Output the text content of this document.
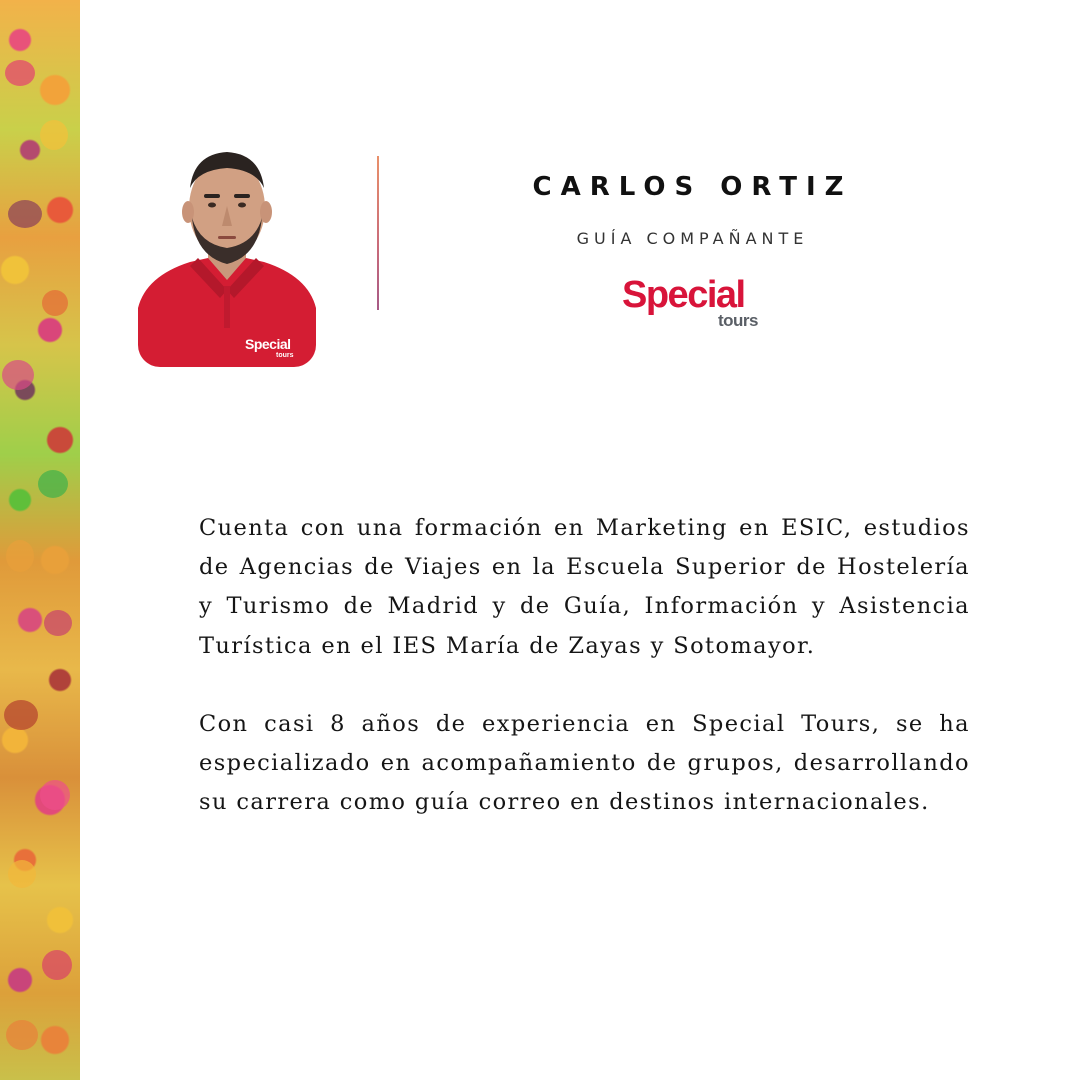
Special
tours
CARLOS ORTIZ
GUÍA COMPAÑANTE
Special
tours

Cuenta con una formación en Marketing en ESIC, estudios de Agencias de Viajes en la Escuela Superior de Hostelería y Turismo de Madrid y de Guía, Información y Asistencia Turística en el IES María de Zayas y Sotomayor.

Con casi 8 años de experiencia en Special Tours, se ha especializado en acompañamiento de grupos, desarrollando su carrera como guía correo en destinos internacionales.
